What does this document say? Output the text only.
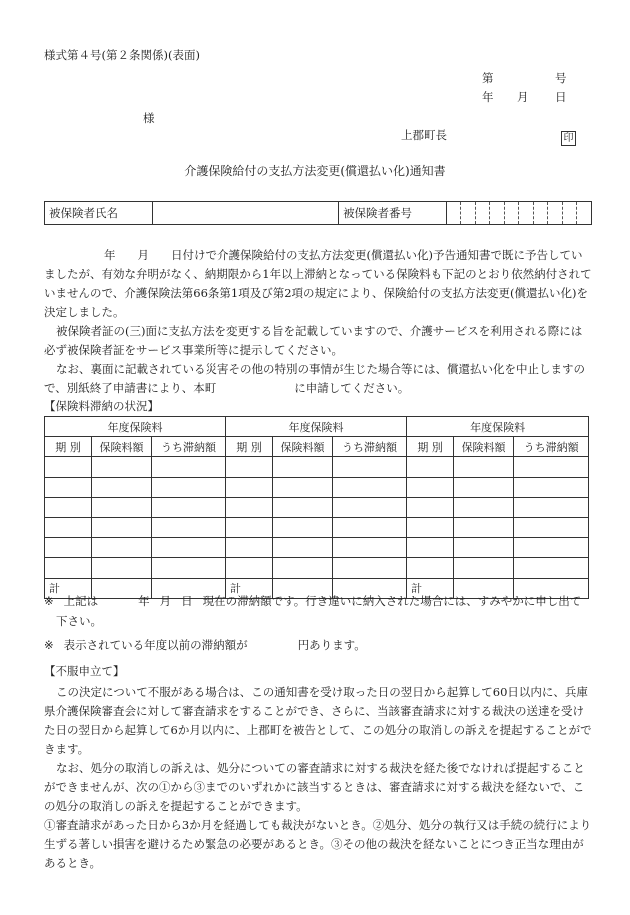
様式第４号(第２条関係)(表面)
第	号
年 月 日
様
上郡町長	印
介護保険給付の支払方法変更(償還払い化)通知書
被保険者氏名		被保険者番号										

年 月 日付けで介護保険給付の支払方法変更(償還払い化)予告通知書で既に予告していましたが、有効な弁明がなく、納期限から1年以上滞納となっている保険料も下記のとおり依然納付されていませんので、介護保険法第66条第1項及び第2項の規定により、保険給付の支払方法変更(償還払い化)を決定しました。

被保険者証の(三)面に支払方法を変更する旨を記載していますので、介護サービスを利用される際には必ず被保険者証をサービス事業所等に提示してください。

なお、裏面に記載されている災害その他の特別の事情が生じた場合等には、償還払い化を中止しますので、別紙終了申請書により、本町	に申請してください。

【保険料滞納の状況】
年度保険料			年度保険料			年度保険料		
期 別	保険料額	うち滞納額	期 別	保険料額	うち滞納額	期 別	保険料額	うち滞納額

計			計			計		

※ 上記は	年 月 日 現在の滞納額です。行き違いに納入された場合には、すみやかに申し出て下さい。

※ 表示されている年度以前の滞納額が	円あります。

【不服申立て】

この決定について不服がある場合は、この通知書を受け取った日の翌日から起算して60日以内に、兵庫県介護保険審査会に対して審査請求をすることができ、さらに、当該審査請求に対する裁決の送達を受けた日の翌日から起算して6か月以内に、上郡町を被告として、この処分の取消しの訴えを提起することができます。

なお、処分の取消しの訴えは、処分についての審査請求に対する裁決を経た後でなければ提起することができませんが、次の①から③までのいずれかに該当するときは、審査請求に対する裁決を経ないで、この処分の取消しの訴えを提起することができます。

①審査請求があった日から3か月を経過しても裁決がないとき。②処分、処分の執行又は手続の続行により生ずる著しい損害を避けるため緊急の必要があるとき。③その他の裁決を経ないことにつき正当な理由があるとき。
